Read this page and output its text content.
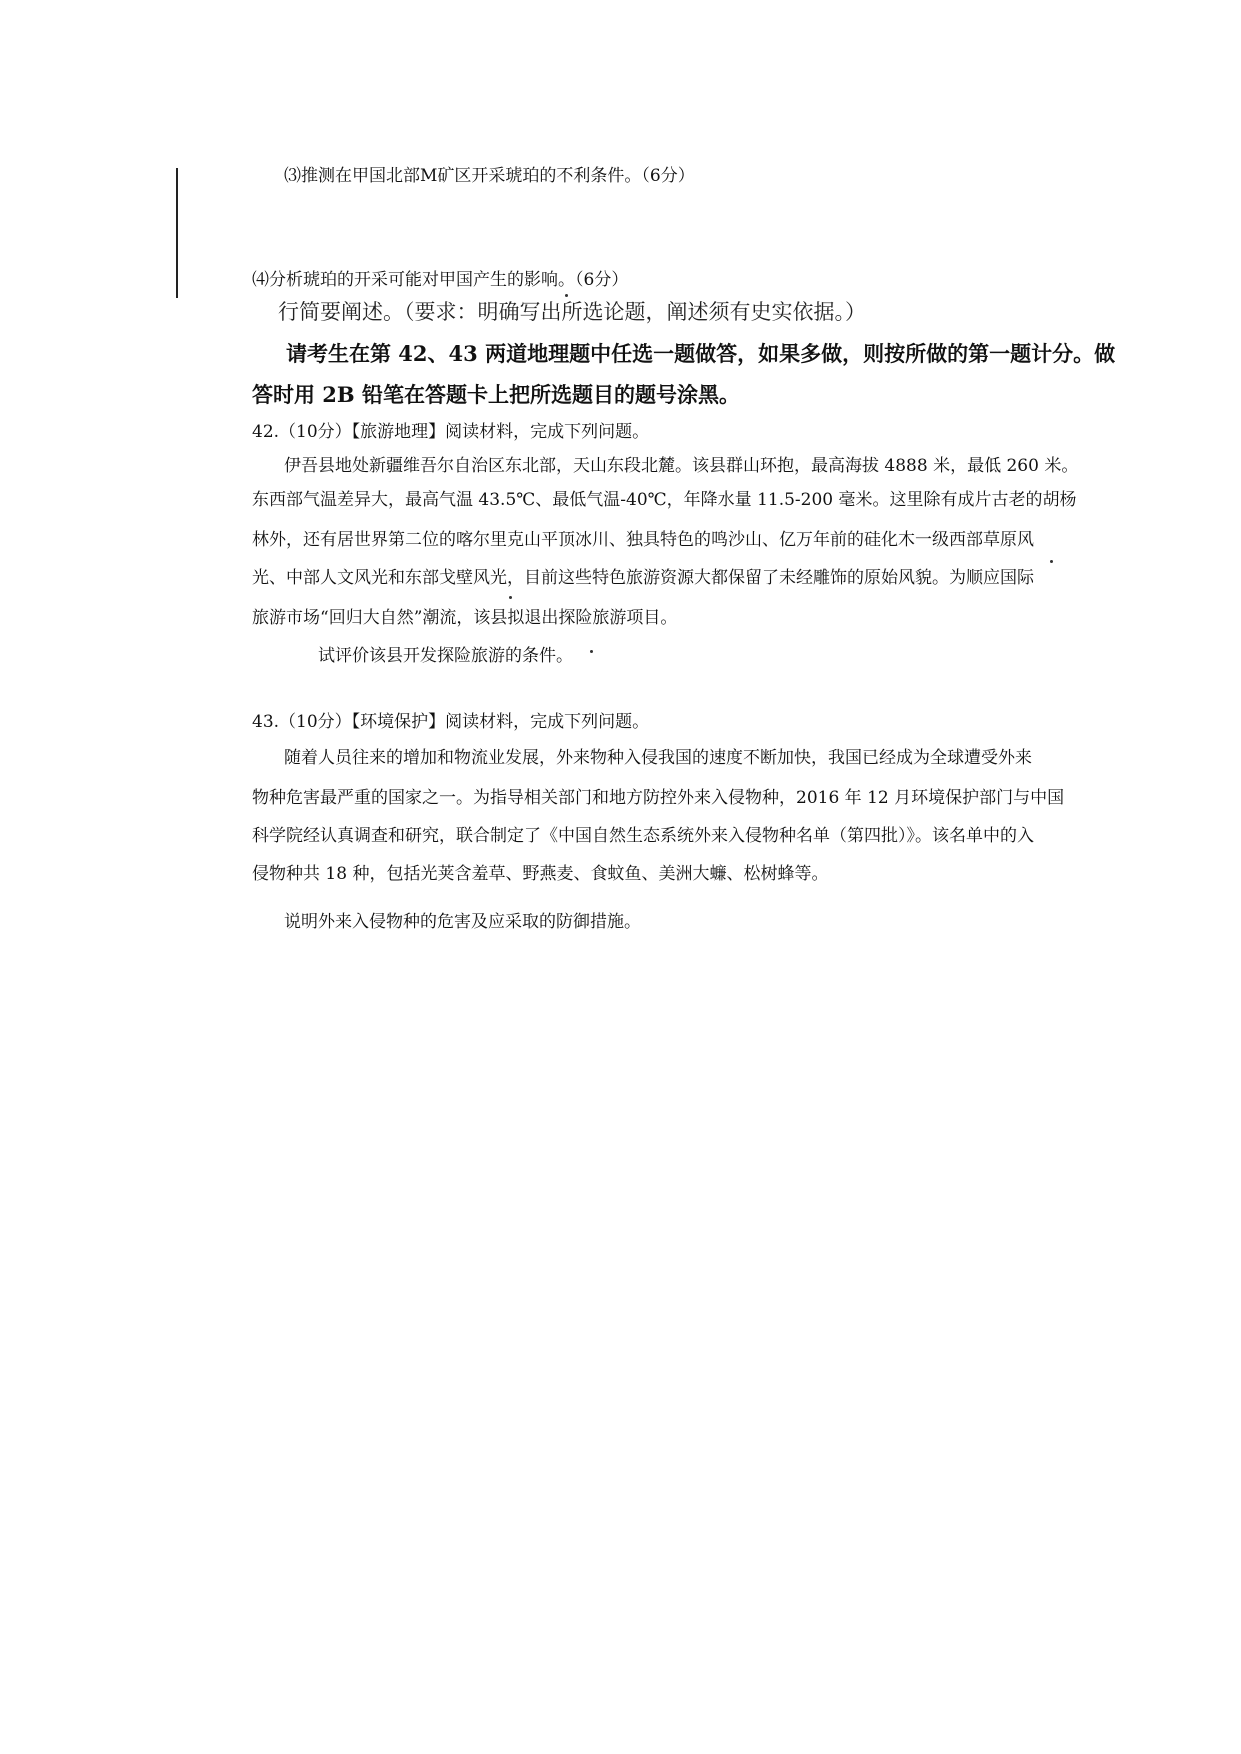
⑶推测在甲国北部M矿区开采琥珀的不利条件。（6分）
⑷分析琥珀的开采可能对甲国产生的影响。（6分）
行简要阐述。（要求：明确写出所选论题，阐述须有史实依据。）
请考生在第 42、43 两道地理题中任选一题做答，如果多做，则按所做的第一题计分。做
答时用 2B 铅笔在答题卡上把所选题目的题号涂黑。
42.（10分）【旅游地理】阅读材料，完成下列问题。
伊吾县地处新疆维吾尔自治区东北部，天山东段北麓。该县群山环抱，最高海拔 4888 米，最低 260 米。
东西部气温差异大，最高气温 43.5℃、最低气温-40℃，年降水量 11.5-200 毫米。这里除有成片古老的胡杨
林外，还有居世界第二位的喀尔里克山平顶冰川、独具特色的鸣沙山、亿万年前的硅化木一级西部草原风
光、中部人文风光和东部戈壁风光，目前这些特色旅游资源大都保留了未经雕饰的原始风貌。为顺应国际
旅游市场“回归大自然”潮流，该县拟退出探险旅游项目。
试评价该县开发探险旅游的条件。
43.（10分）【环境保护】阅读材料，完成下列问题。
随着人员往来的增加和物流业发展，外来物种入侵我国的速度不断加快，我国已经成为全球遭受外来
物种危害最严重的国家之一。为指导相关部门和地方防控外来入侵物种，2016 年 12 月环境保护部门与中国
科学院经认真调查和研究，联合制定了《中国自然生态系统外来入侵物种名单（第四批）》。该名单中的入
侵物种共 18 种，包括光荚含羞草、野燕麦、食蚊鱼、美洲大蠊、松树蜂等。
说明外来入侵物种的危害及应采取的防御措施。
